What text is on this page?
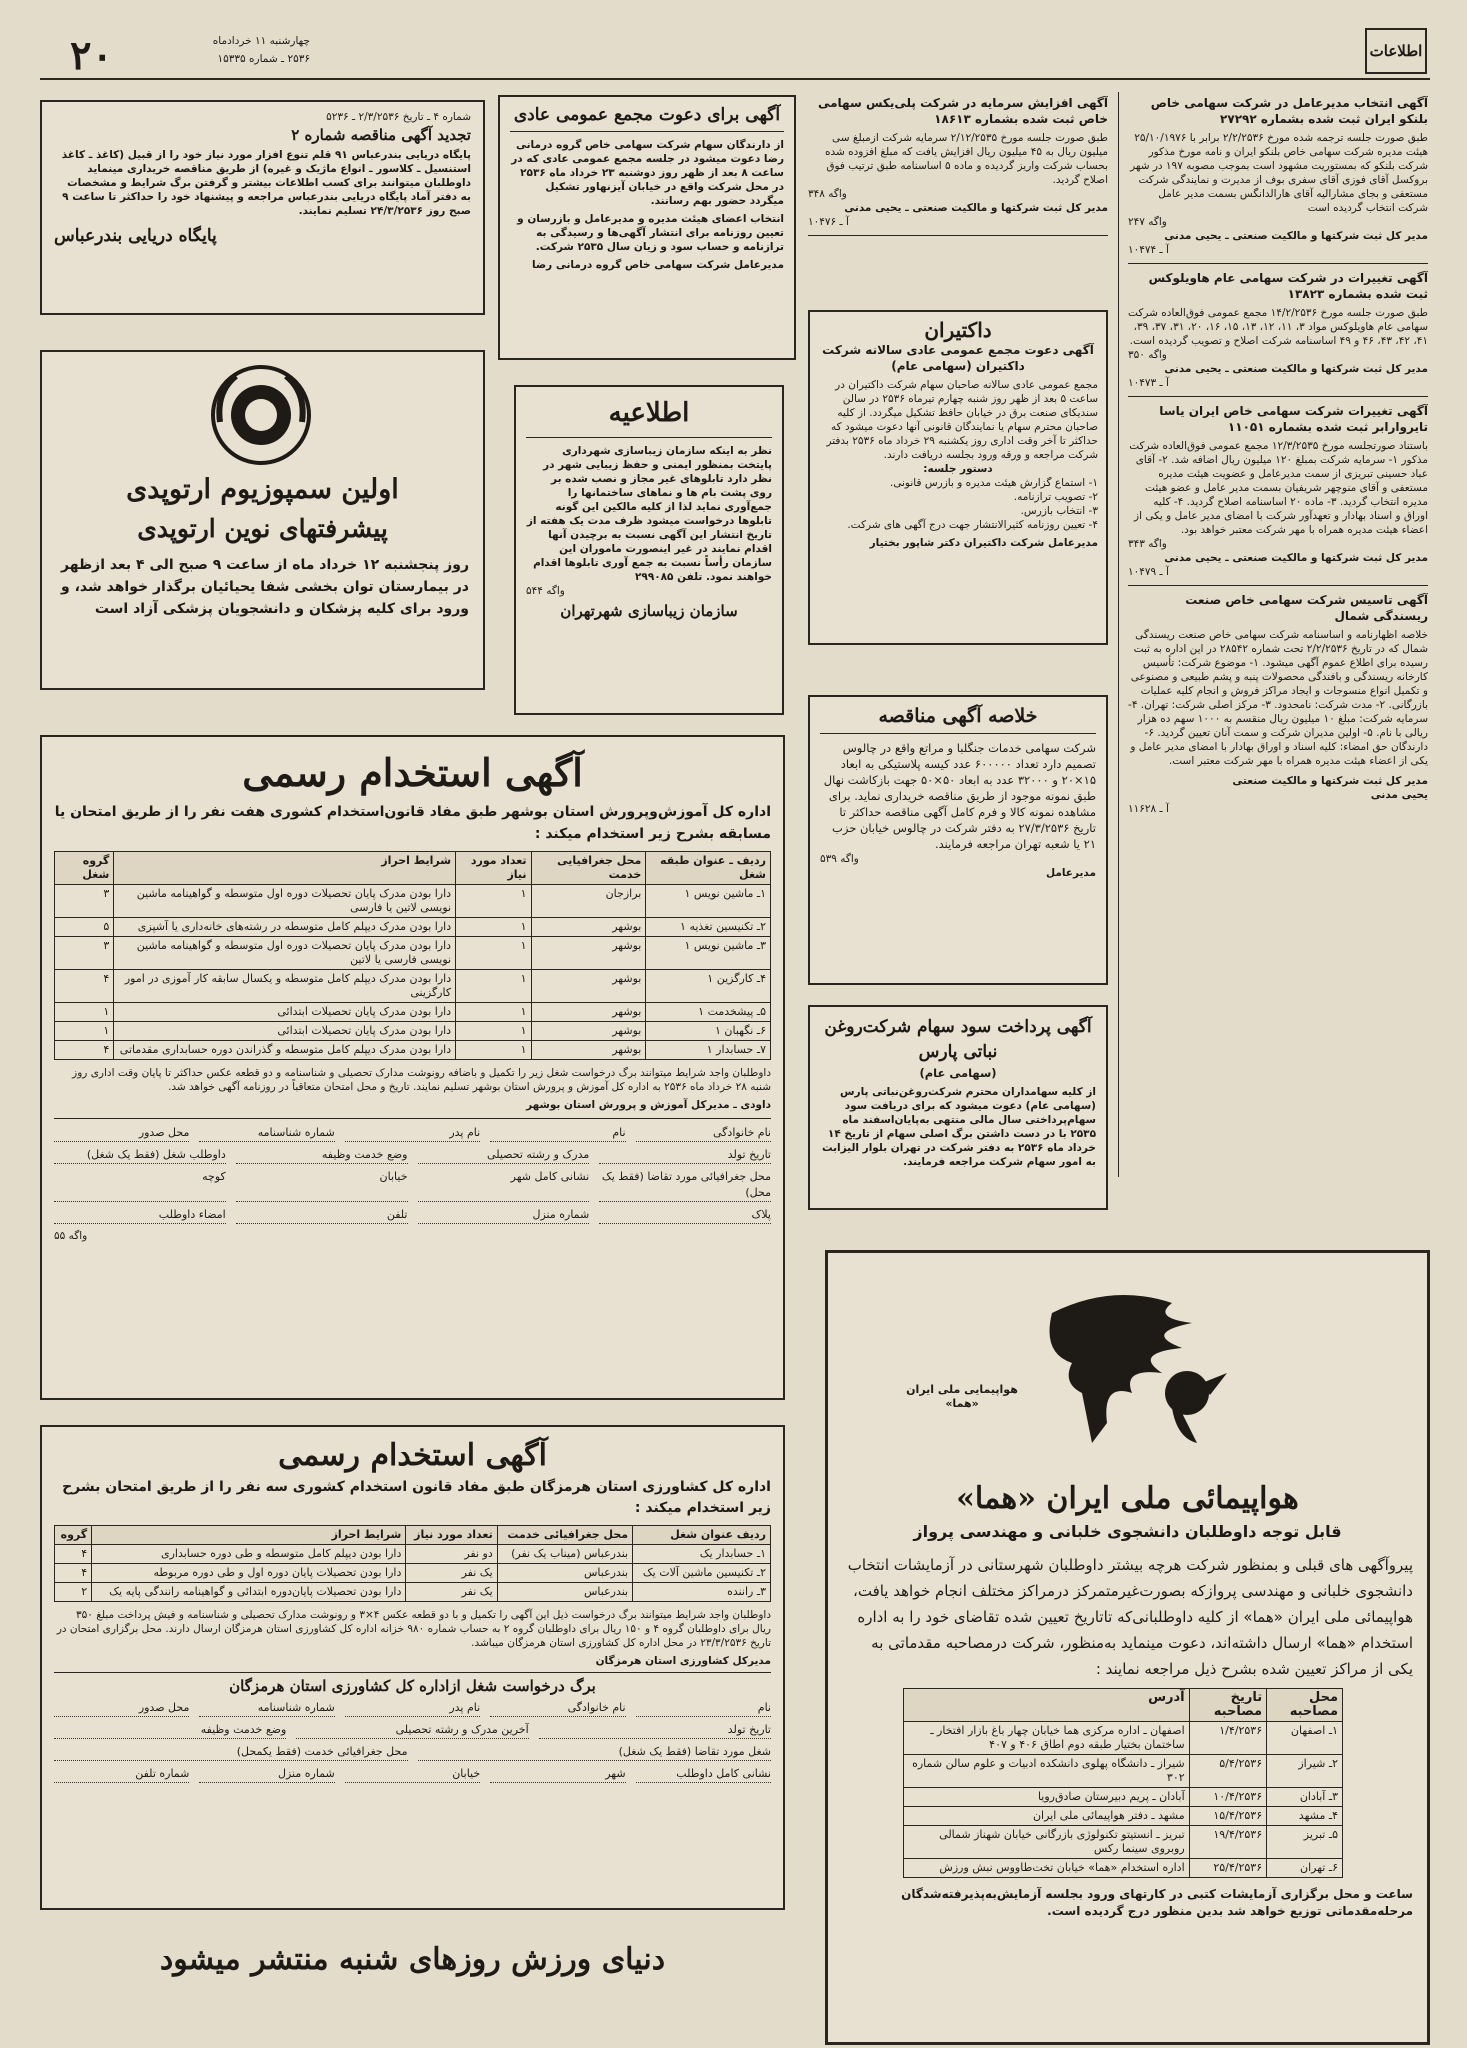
۲۰	چهارشنبه ۱۱ خردادماه
۲۵۳۶ ـ شماره ۱۵۳۳۵	اطلاعات
آگهی انتخاب مدیرعامل در شرکت سهامی خاص بلنکو ایران ثبت شده بشماره ۲۷۲۹۲
طبق صورت جلسه ترجمه شده مورخ ۲/۲/۲۵۳۶ برابر با ۲۵/۱۰/۱۹۷۶ هیئت مدیره شرکت سهامی خاص بلنکو ایران و نامه مورخ مذکور شرکت بلنکو که بمستوریت مشهود است بموجب مصوبه ۱۹۷ در شهر بروکسل آقای فوزی آقای سفری بوف از مدیرت و نمایندگی شرکت مستعفی و بجای مشارالیه آقای هارالدانگس بسمت مدیر عامل شرکت انتخاب گردیده است
واگه ۲۴۷
مدیر کل ثبت شرکتها و مالکیت صنعتی ـ یحیی مدنی
آ ـ ۱۰۴۷۴
آگهی تغییرات در شرکت سهامی عام هاویلوکس ثبت شده بشماره ۱۳۸۲۳
طبق صورت جلسه مورخ ۱۴/۲/۲۵۳۶ مجمع عمومی فوق‌العاده شرکت سهامی عام هاویلوکس مواد ۳، ۱۱، ۱۲، ۱۳، ۱۵، ۱۶، ۲۰، ۳۱، ۳۷، ۳۹، ۴۱، ۴۲، ۴۳، ۴۶ و ۴۹ اساسنامه شرکت اصلاح و تصویب گردیده است.
واگه ۳۵۰
مدیر کل ثبت شرکتها و مالکیت صنعتی ـ یحیی مدنی
آ ـ ۱۰۴۷۳
آگهی تغییرات شرکت سهامی خاص ایران یاسا تایروارابر ثبت شده بشماره ۱۱۰۵۱
باستناد صورتجلسه مورخ ۱۲/۳/۲۵۳۵ مجمع عمومی فوق‌العاده شرکت مذکور ۱- سرمایه شرکت بمبلغ ۱۲۰ میلیون ریال اضافه شد. ۲- آقای عباد حسینی تبریزی از سمت مدیرعامل و عضویت هیئت مدیره مستعفی و آقای منوچهر شریفیان بسمت مدیر عامل و عضو هیئت مدیره انتخاب گردید. ۳- ماده ۲۰ اساسنامه اصلاح گردید. ۴- کلیه اوراق و اسناد بهادار و تعهدآور شرکت با امضای مدیر عامل و یکی از اعضاء هیئت مدیره همراه با مهر شرکت معتبر خواهد بود.
واگه ۳۴۳
مدیر کل ثبت شرکتها و مالکیت صنعتی ـ یحیی مدنی
آ ـ ۱۰۴۷۹
آگهی تاسیس شرکت سهامی خاص صنعت ریسندگی شمال
خلاصه اظهارنامه و اساسنامه شرکت سهامی خاص صنعت ریسندگی شمال که در تاریخ ۲/۲/۲۵۳۶ تحت شماره ۲۸۵۴۲ در این اداره به ثبت رسیده برای اطلاع عموم آگهی میشود. ۱- موضوع شرکت: تأسیس کارخانه ریسندگی و بافندگی محصولات پنبه و پشم طبیعی و مصنوعی و تکمیل انواع منسوجات و ایجاد مراکز فروش و انجام کلیه عملیات بازرگانی. ۲- مدت شرکت: نامحدود. ۳- مرکز اصلی شرکت: تهران. ۴- سرمایه شرکت: مبلغ ۱۰ میلیون ریال منقسم به ۱۰۰۰ سهم ده هزار ریالی با نام. ۵- اولین مدیران شرکت و سمت آنان تعیین گردید. ۶- دارندگان حق امضاء: کلیه اسناد و اوراق بهادار با امضای مدیر عامل و یکی از اعضاء هیئت مدیره همراه با مهر شرکت معتبر است.
مدیر کل ثبت شرکتها و مالکیت صنعتی
یحیی مدنی
آ ـ ۱۱۶۲۸
آگهی افزایش سرمایه در شرکت پلی‌یکس سهامی خاص ثبت شده بشماره ۱۸۶۱۳
طبق صورت جلسه مورخ ۲/۱۲/۲۵۳۵ سرمایه شرکت ازمبلغ سی میلیون ریال به ۴۵ میلیون ریال افزایش یافت که مبلغ افزوده شده بحساب شرکت واریز گردیده و ماده ۵ اساسنامه طبق ترتیب فوق اصلاح گردید.
واگه ۳۴۸
مدیر کل ثبت شرکتها و مالکیت صنعتی ـ یحیی مدنی
آ ـ ۱۰۴۷۶
داکتیران
آگهی دعوت مجمع عمومی عادی سالانه شرکت داکتیران (سهامی عام)
مجمع عمومی عادی سالانه صاحبان سهام شرکت داکتیران در ساعت ۵ بعد از ظهر روز شنبه چهارم تیرماه ۲۵۳۶ در سالن سندیکای صنعت برق در خیابان حافظ تشکیل میگردد. از کلیه صاحبان محترم سهام یا نمایندگان قانونی آنها دعوت میشود که حداکثر تا آخر وقت اداری روز یکشنبه ۲۹ خرداد ماه ۲۵۳۶ بدفتر شرکت مراجعه و ورقه ورود بجلسه دریافت دارند.
دستور جلسه:
۱- استماع گزارش هیئت مدیره و بازرس قانونی.
۲- تصویب ترازنامه.
۳- انتخاب بازرس.
۴- تعیین روزنامه کثیرالانتشار جهت درج آگهی های شرکت.
مدیرعامل شرکت داکتیران دکتر شاپور بختیار
خلاصه آگهی مناقصه
شرکت سهامی خدمات جنگلبا و مراتع واقع در چالوس تصمیم دارد تعداد ۶۰۰۰۰۰ عدد کیسه پلاستیکی به ابعاد ۱۵×۲۰ و ۳۲۰۰۰ عدد به ابعاد ۵۰×۵۰ جهت بازکاشت نهال طبق نمونه موجود از طریق مناقصه خریداری نماید. برای مشاهده نمونه کالا و فرم کامل آگهی مناقصه حداکثر تا تاریخ ۲۷/۳/۲۵۳۶ به دفتر شرکت در چالوس خیابان حزب ۲۱ یا شعبه تهران مراجعه فرمایند.
واگه ۵۳۹
مدیرعامل
آگهی پرداخت سود سهام شرکت‌روغن نباتی پارس
(سهامی عام)
از کلیه سهامداران محترم شرکت‌روغن‌نباتی پارس (سهامی عام) دعوت میشود که برای دریافت سود سهام‌پرداختی سال مالی منتهی به‌پایان‌اسفند ماه ۲۵۳۵ با در دست داشتن برگ اصلی سهام از تاریخ ۱۴ خرداد ماه ۲۵۳۶ به دفتر شرکت در تهران بلوار الیزابت به امور سهام شرکت مراجعه فرمایند.
آگهی برای دعوت مجمع عمومی عادی
از دارندگان سهام شرکت سهامی خاص گروه درمانی رضا دعوت میشود در جلسه مجمع عمومی عادی که در ساعت ۸ بعد از ظهر روز دوشنبه ۲۳ خرداد ماه ۲۵۳۶ در محل شرکت واقع در خیابان آیزنهاور تشکیل میگردد حضور بهم رسانند.
انتخاب اعضای هیئت مدیره و مدیرعامل و بازرسان و تعیین روزنامه برای انتشار آگهی‌ها و رسیدگی به ترازنامه و حساب سود و زیان سال ۲۵۳۵ شرکت.
مدیرعامل شرکت سهامی خاص گروه درمانی رضا
اطلاعیه
نظر به اینکه سازمان زیباسازی شهرداری پایتخت بمنظور ایمنی و حفظ زیبایی شهر در نظر دارد تابلوهای غیر مجاز و نصب شده بر روی پشت بام ها و نماهای ساختمانها را جمع‌آوری نماید لذا از کلیه مالکین این گونه تابلوها درخواست میشود ظرف مدت یک هفته از تاریخ انتشار این آگهی نسبت به برچیدن آنها اقدام نمایند در غیر اینصورت ماموران این سازمان رأساً نسبت به جمع آوری تابلوها اقدام خواهند نمود. تلفن ۲۹۹۰۸۵
واگه ۵۴۴
سازمان زیباسازی شهرتهران
شماره ۴ ـ تاریخ ۲/۳/۲۵۳۶ ـ ۵۲۳۶
تجدید آگهی مناقصه شماره ۲
پایگاه دریایی بندرعباس ۹۱ قلم تنوع افزار مورد نیاز خود را از قبیل (کاغذ ـ کاغذ استنسیل ـ کلاسور ـ انواع ماژیک و غیره) از طریق مناقصه خریداری مینماید داوطلبان میتوانند برای کسب اطلاعات بیشتر و گرفتن برگ شرایط و مشخصات به دفتر آماد پایگاه دریایی بندرعباس مراجعه و پیشنهاد خود را حداکثر تا ساعت ۹ صبح روز ۲۴/۳/۲۵۳۶ تسلیم نمایند.
پایگاه دریایی بندرعباس
اولین سمپوزیوم ارتوپدی
پیشرفتهای نوین ارتوپدی
روز پنجشنبه ۱۲ خرداد ماه از ساعت ۹ صبح الی ۴ بعد ازظهر در بیمارستان توان بخشی شفا یحیائیان برگذار خواهد شد، و ورود برای کلیه پزشکان و دانشجویان پزشکی آزاد است
آگهی استخدام رسمی
اداره کل آموزش‌وپرورش استان بوشهر طبق مفاد قانون‌استخدام کشوری هفت نفر را از طریق امتحان یا مسابقه بشرح زیر استخدام میکند :
ردیف ـ عنوان طبقه شغل	محل جغرافیایی خدمت	تعداد مورد نیاز	شرایط احراز	گروه شغل
۱ـ ماشین نویس ۱	برازجان	۱	دارا بودن مدرک پایان تحصیلات دوره اول متوسطه و گواهینامه ماشین نویسی لاتین یا فارسی	۳
۲ـ تکنیسین تغذیه ۱	بوشهر	۱	دارا بودن مدرک دیپلم کامل متوسطه در رشته‌های خانه‌داری یا آشپزی	۵
۳ـ ماشین نویس ۱	بوشهر	۱	دارا بودن مدرک پایان تحصیلات دوره اول متوسطه و گواهینامه ماشین نویسی فارسی یا لاتین	۳
۴ـ کارگزین ۱	بوشهر	۱	دارا بودن مدرک دیپلم کامل متوسطه و یکسال سابقه کار آموزی در امور کارگزینی	۴
۵ـ پیشخدمت ۱	بوشهر	۱	دارا بودن مدرک پایان تحصیلات ابتدائی	۱
۶ـ نگهبان ۱	بوشهر	۱	دارا بودن مدرک پایان تحصیلات ابتدائی	۱
۷ـ حسابدار ۱	بوشهر	۱	دارا بودن مدرک دیپلم کامل متوسطه و گذراندن دوره حسابداری مقدماتی	۴
داوطلبان واجد شرایط میتوانند برگ درخواست شغل زیر را تکمیل و باضافه رونوشت مدارک تحصیلی و شناسنامه و دو قطعه عکس حداکثر تا پایان وقت اداری روز شنبه ۲۸ خرداد ماه ۲۵۳۶ به اداره کل آموزش و پرورش استان بوشهر تسلیم نمایند. تاریخ و محل امتحان متعاقباً در روزنامه آگهی خواهد شد.
داودی ـ مدیرکل آموزش و پرورش استان بوشهر
نام خانوادگی
نام
نام پدر
شماره شناسنامه
محل صدور
تاریخ تولد
مدرک و رشته تحصیلی
وضع خدمت وظیفه
داوطلب شغل (فقط یک شغل)
محل جغرافیائی مورد تقاضا (فقط یک محل)
نشانی کامل شهر
خیابان
کوچه
پلاک
شماره منزل
تلفن
امضاء داوطلب
واگه ۵۵
آگهی استخدام رسمی
اداره کل کشاورزی استان هرمزگان طبق مفاد قانون استخدام کشوری سه نفر را از طریق امتحان بشرح زیر استخدام میکند :
ردیف عنوان شغل	محل جغرافیائی خدمت	تعداد مورد نیاز	شرایط احراز	گروه
۱ـ حسابدار یک	بندرعباس (میناب یک نفر)	دو نفر	دارا بودن دیپلم کامل متوسطه و طی دوره حسابداری	۴
۲ـ تکنیسین ماشین آلات یک	بندرعباس	یک نفر	دارا بودن تحصیلات پایان دوره اول و طی دوره مربوطه	۴
۳ـ راننده	بندرعباس	یک نفر	دارا بودن تحصیلات پایان‌دوره ابتدائی و گواهینامه رانندگی پایه یک	۲
داوطلبان واجد شرایط میتوانند برگ درخواست ذیل این آگهی را تکمیل و با دو قطعه عکس ۴×۳ و رونوشت مدارک تحصیلی و شناسنامه و فیش پرداخت مبلغ ۳۵۰ ریال برای داوطلبان گروه ۴ و ۱۵۰ ریال برای داوطلبان گروه ۲ به حساب شماره ۹۸۰ خزانه اداره کل کشاورزی استان هرمزگان ارسال دارند. محل برگزاری امتحان در تاریخ ۲۳/۳/۲۵۳۶ در محل اداره کل کشاورزی استان هرمزگان میباشد.
مدیرکل کشاورزی استان هرمزگان
برگ درخواست شغل ازاداره کل کشاورزی استان هرمزگان
نام
نام خانوادگی
نام پدر
شماره شناسنامه
محل صدور
تاریخ تولد
آخرین مدرک و رشته تحصیلی
وضع خدمت وظیفه
شغل مورد تقاضا (فقط یک شغل)
محل جغرافیائی خدمت (فقط یکمحل)
نشانی کامل داوطلب
شهر
خیابان
شماره منزل
شماره تلفن
هواپیمایی ملی ایران «هما»
هواپیمائی ملی ایران «هما»
قابل توجه داوطلبان دانشجوی خلبانی و مهندسی پرواز
پیروآگهی های قبلی و بمنظور شرکت هرچه بیشتر داوطلبان شهرستانی در آزمایشات انتخاب دانشجوی خلبانی و مهندسی پروازکه بصورت‌غیرمتمرکز درمراکز مختلف انجام خواهد یافت، هواپیمائی ملی ایران «هما» از کلیه داوطلبانی‌که تاتاریخ تعیین شده تقاضای خود را به اداره استخدام «هما» ارسال داشته‌اند، دعوت مینماید به‌منظور، شرکت درمصاحبه مقدماتی به یکی از مراکز تعیین شده بشرح ذیل مراجعه نمایند :
محل مصاحبه	تاریخ مصاحبه	آدرس
۱ـ اصفهان	۱/۴/۲۵۳۶	اصفهان ـ اداره مرکزی هما خیابان چهار باغ بازار افتخار ـ ساختمان بختیار طبقه دوم اطاق ۴۰۶ و ۴۰۷
۲ـ شیراز	۵/۴/۲۵۳۶	شیراز ـ دانشگاه پهلوی دانشکده ادبیات و علوم سالن شماره ۳۰۲
۳ـ آبادان	۱۰/۴/۲۵۳۶	آبادان ـ پریم دبیرستان صادق‌رویا
۴ـ مشهد	۱۵/۴/۲۵۳۶	مشهد ـ دفتر هواپیمائی ملی ایران
۵ـ تبریز	۱۹/۴/۲۵۳۶	تبریز ـ انستیتو تکنولوژی بازرگانی خیابان شهناز شمالی روبروی سینما رکس
۶ـ تهران	۲۵/۴/۲۵۳۶	اداره استخدام «هما» خیابان تخت‌طاووس نبش ورزش
ساعت و محل برگزاری آزمایشات کتبی در کارتهای ورود بجلسه آزمایش‌به‌پذیرفته‌شدگان مرحله‌مقدماتی توزیع خواهد شد بدین منظور درج گردیده است.
دنیای ورزش روزهای شنبه منتشر میشود
